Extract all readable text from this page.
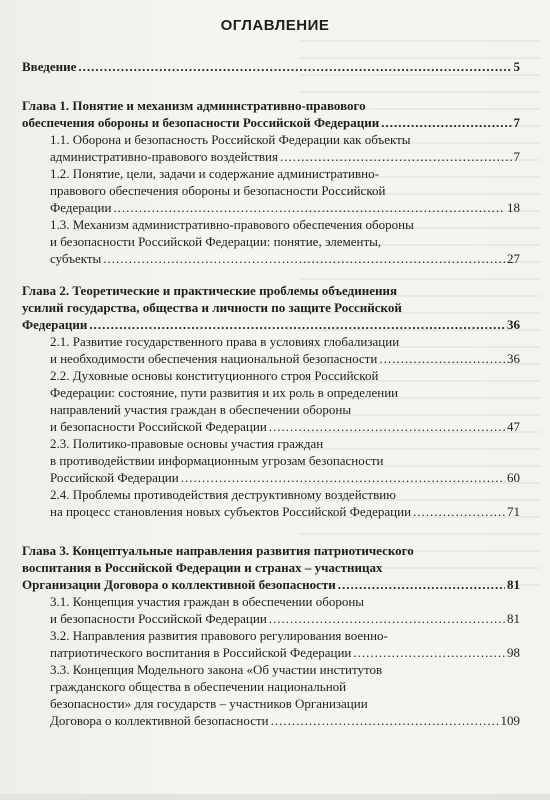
ОГЛАВЛЕНИЕ
Введение .....	5
Глава 1. Понятие и механизм административно-правового
обеспечения обороны и безопасности Российской Федерации .....	7
1.1. Оборона и безопасность Российской Федерации как объекты
административно-правового воздействия .....	7
1.2. Понятие, цели, задачи и содержание административно-
правового обеспечения обороны и безопасности Российской
Федерации .....	18
1.3. Механизм административно-правового обеспечения обороны
и безопасности Российской Федерации: понятие, элементы,
субъекты .....	27
Глава 2. Теоретические и практические проблемы объединения
усилий государства, общества и личности по защите Российской
Федерации .....	36
2.1. Развитие государственного права в условиях глобализации
и необходимости обеспечения национальной безопасности .....	36
2.2. Духовные основы конституционного строя Российской
Федерации: состояние, пути развития и их роль в определении
направлений участия граждан в обеспечении обороны
и безопасности Российской Федерации .....	47
2.3. Политико-правовые основы участия граждан
в противодействии информационным угрозам безопасности
Российской Федерации .....	60
2.4. Проблемы противодействия деструктивному воздействию
на процесс становления новых субъектов Российской Федерации .....	71
Глава 3. Концептуальные направления развития патриотического
воспитания в Российской Федерации и странах – участницах
Организации Договора о коллективной безопасности .....	81
3.1. Концепция участия граждан в обеспечении обороны
и безопасности Российской Федерации .....	81
3.2. Направления развития правового регулирования военно-
патриотического воспитания в Российской Федерации .....	98
3.3. Концепция Модельного закона «Об участии институтов
гражданского общества в обеспечении национальной
безопасности» для государств – участников Организации
Договора о коллективной безопасности .....	109
